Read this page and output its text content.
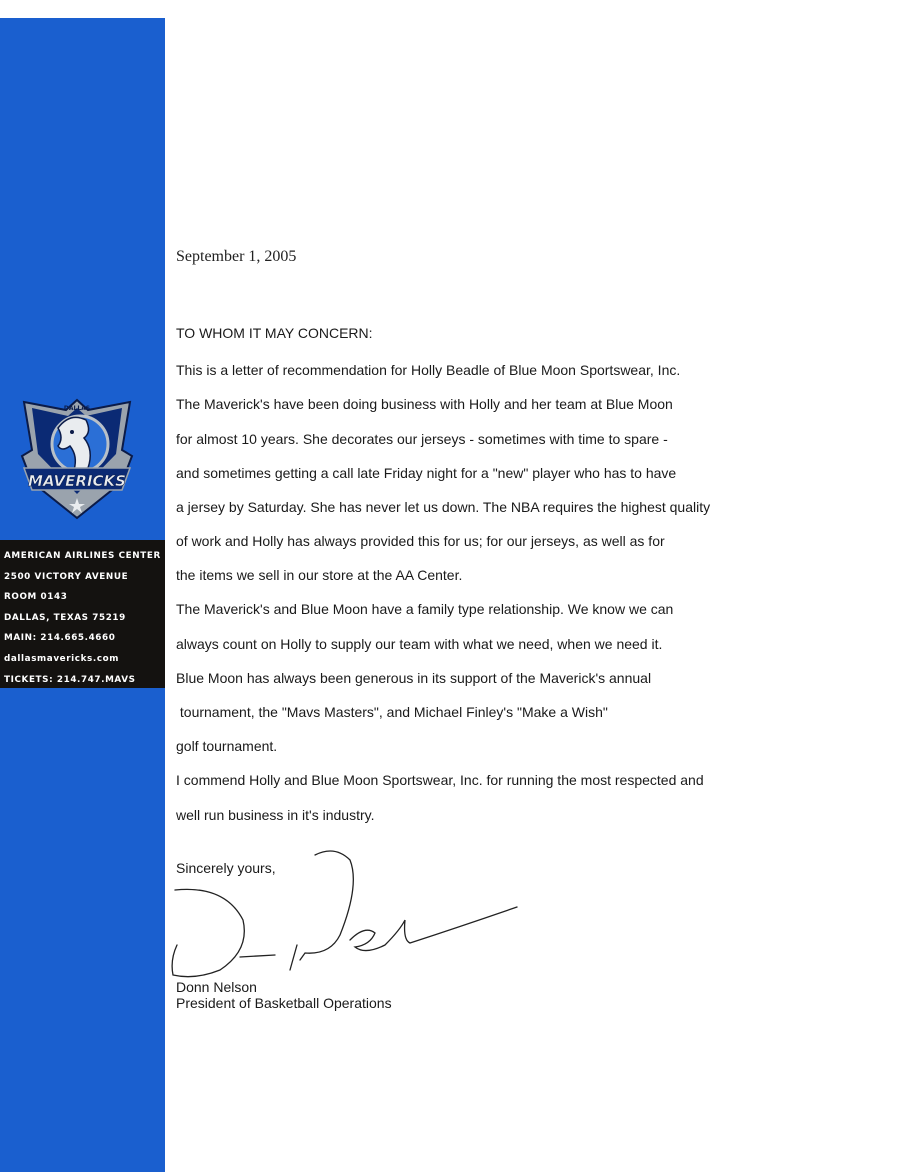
DALLAS
MAVERICKS
AMERICAN AIRLINES CENTER
2500 VICTORY AVENUE
ROOM 0143
DALLAS, TEXAS 75219
MAIN: 214.665.4660
dallasmavericks.com
TICKETS: 214.747.MAVS
September 1, 2005
TO WHOM IT MAY CONCERN:
This is a letter of recommendation for Holly Beadle of Blue Moon Sportswear, Inc.
The Maverick's have been doing business with Holly and her team at Blue Moon
for almost 10 years. She decorates our jerseys - sometimes with time to spare -
and sometimes getting a call late Friday night for a "new" player who has to have
a jersey by Saturday. She has never let us down. The NBA requires the highest quality
of work and Holly has always provided this for us; for our jerseys, as well as for
the items we sell in our store at the AA Center.
The Maverick's and Blue Moon have a family type relationship. We know we can
always count on Holly to supply our team with what we need, when we need it.
Blue Moon has always been generous in its support of the Maverick's annual
tournament, the "Mavs Masters", and Michael Finley's "Make a Wish"
golf tournament.
I commend Holly and Blue Moon Sportswear, Inc. for running the most respected and
well run business in it's industry.
Sincerely yours,
Donn Nelson
President of Basketball Operations
